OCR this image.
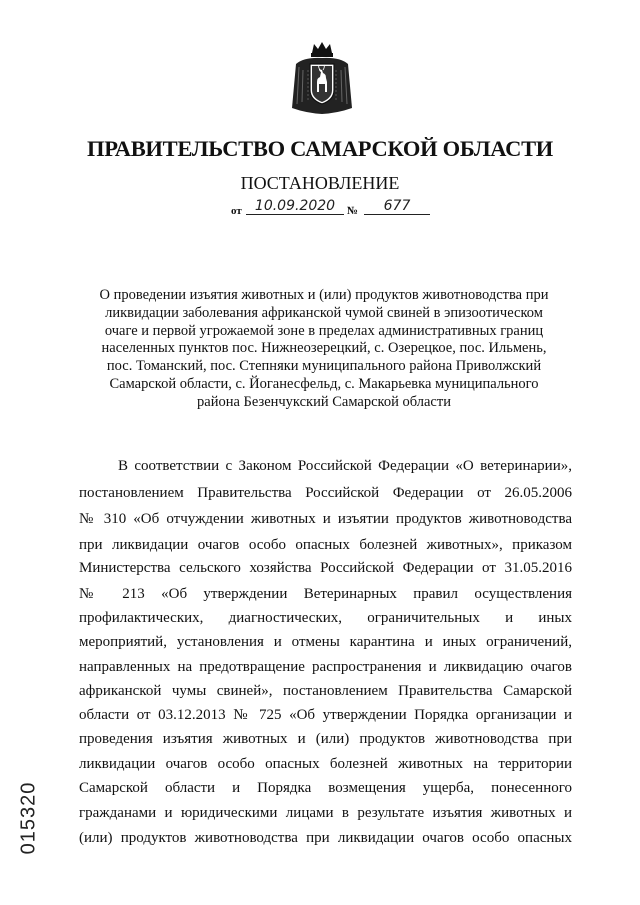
ПРАВИТЕЛЬСТВО САМАРСКОЙ ОБЛАСТИ
ПОСТАНОВЛЕНИЕ
от 10.09.2020	№	677
О проведении изъятия животных и (или) продуктов животноводства при
ликвидации заболевания африканской чумой свиней в эпизоотическом
очаге и первой угрожаемой зоне в пределах административных границ
населенных пунктов пос. Нижнеозерецкий, с. Озерецкое, пос. Ильмень,
пос. Томанский, пос. Степняки муниципального района Приволжский
Самарской области, с. Йоганесфельд, с. Макарьевка муниципального
района Безенчукский Самарской области
В соответствии с Законом Российской Федерации «О ветеринарии»,
постановлением Правительства Российской Федерации от 26.05.2006
№ 310 «Об отчуждении животных и изъятии продуктов животноводства
при ликвидации очагов особо опасных болезней животных», приказом
Министерства сельского хозяйства Российской Федерации от 31.05.2016
№ 213 «Об утверждении Ветеринарных правил осуществления
профилактических, диагностических, ограничительных и иных
мероприятий, установления и отмены карантина и иных ограничений,
направленных на предотвращение распространения и ликвидацию очагов
африканской чумы свиней», постановлением Правительства Самарской
области от 03.12.2013 № 725 «Об утверждении Порядка организации и
проведения изъятия животных и (или) продуктов животноводства при
ликвидации очагов особо опасных болезней животных на территории
Самарской области и Порядка возмещения ущерба, понесенного
гражданами и юридическими лицами в результате изъятия животных и
(или) продуктов животноводства при ликвидации очагов особо опасных
015320
